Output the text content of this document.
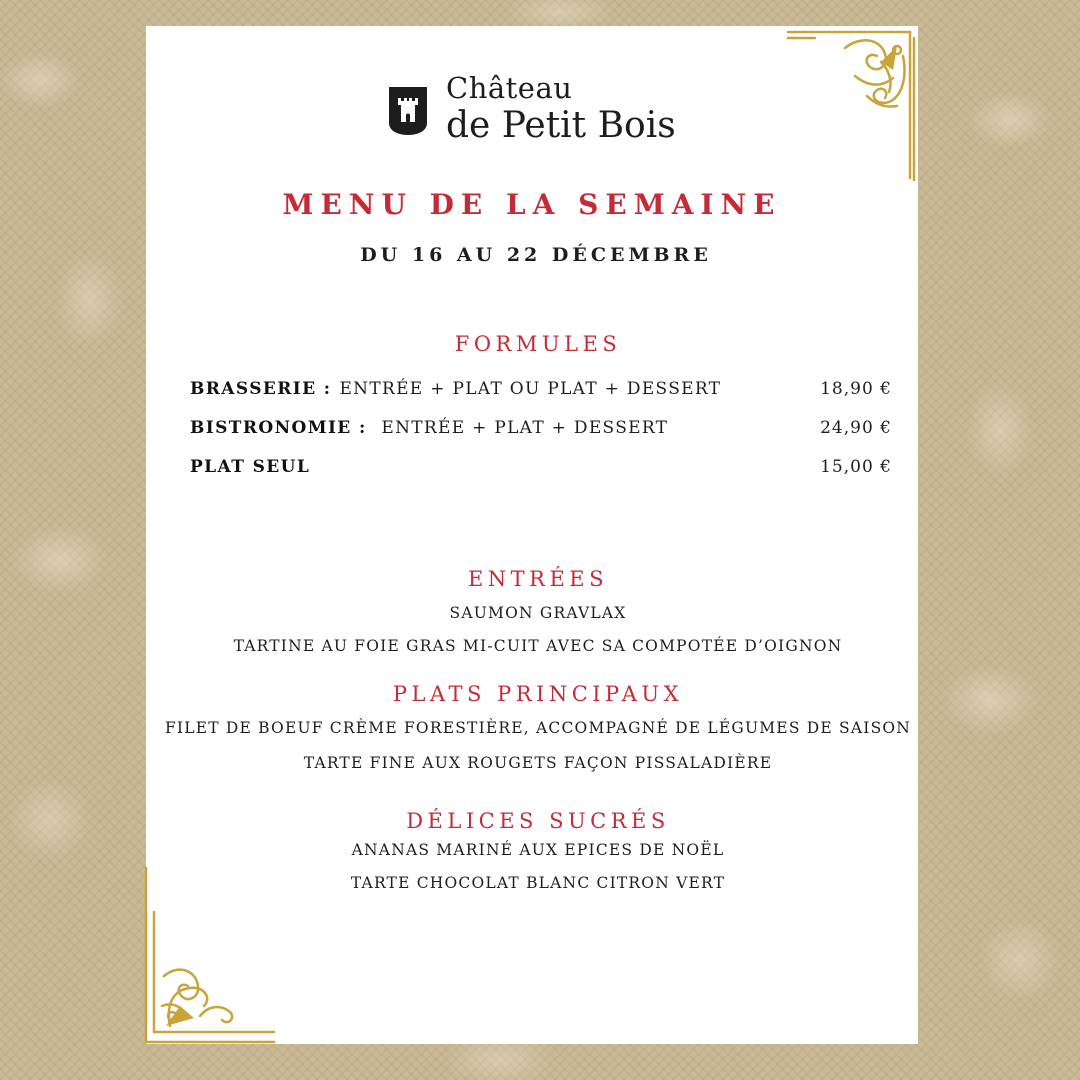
Château
de Petit Bois
MENU DE LA SEMAINE
DU 16 AU 22 DÉCEMBRE
FORMULES
BRASSERIE : ENTRÉE + PLAT OU PLAT + DESSERT	18,90 €
BISTRONOMIE : ENTRÉE + PLAT + DESSERT	24,90 €
PLAT SEUL	15,00 €
ENTRÉES
SAUMON GRAVLAX
TARTINE AU FOIE GRAS MI-CUIT AVEC SA COMPOTÉE D’OIGNON
PLATS PRINCIPAUX
FILET DE BOEUF CRÈME FORESTIÈRE, ACCOMPAGNÉ DE LÉGUMES DE SAISON
TARTE FINE AUX ROUGETS FAÇON PISSALADIÈRE
DÉLICES SUCRÉS
ANANAS MARINÉ AUX EPICES DE NOËL
TARTE CHOCOLAT BLANC CITRON VERT
